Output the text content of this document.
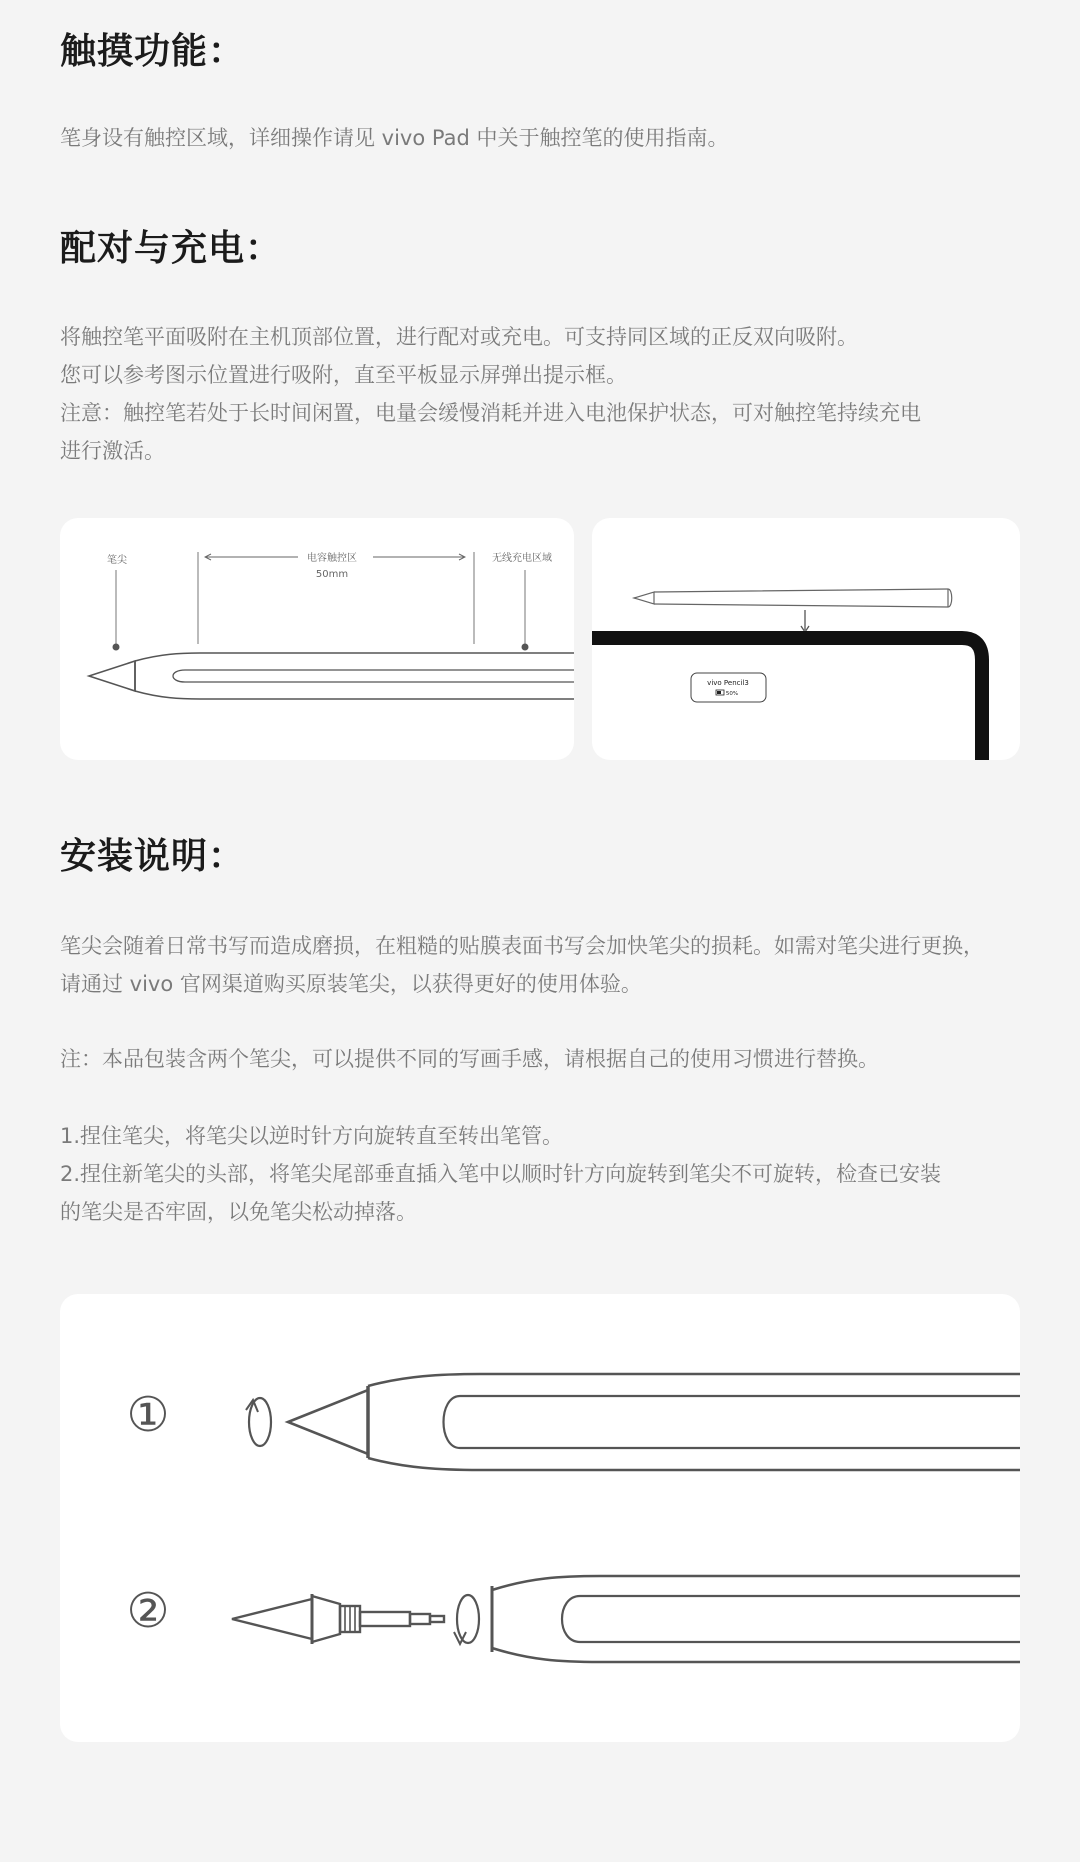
触摸功能：

笔身设有触控区域，详细操作请见 vivo Pad 中关于触控笔的使用指南。

配对与充电：

将触控笔平面吸附在主机顶部位置，进行配对或充电。可支持同区域的正反双向吸附。
您可以参考图示位置进行吸附，直至平板显示屏弹出提示框。
注意：触控笔若处于长时间闲置，电量会缓慢消耗并进入电池保护状态，可对触控笔持续充电
进行激活。

笔尖	电容触控区
50mm
无线充电区域
vivo Pencil3
50%
安装说明：

笔尖会随着日常书写而造成磨损，在粗糙的贴膜表面书写会加快笔尖的损耗。如需对笔尖进行更换，
请通过 vivo 官网渠道购买原装笔尖，以获得更好的使用体验。

注：本品包装含两个笔尖，可以提供不同的写画手感，请根据自己的使用习惯进行替换。

1.捏住笔尖，将笔尖以逆时针方向旋转直至转出笔管。
2.捏住新笔尖的头部，将笔尖尾部垂直插入笔中以顺时针方向旋转到笔尖不可旋转，检查已安装
的笔尖是否牢固，以免笔尖松动掉落。

①
②
